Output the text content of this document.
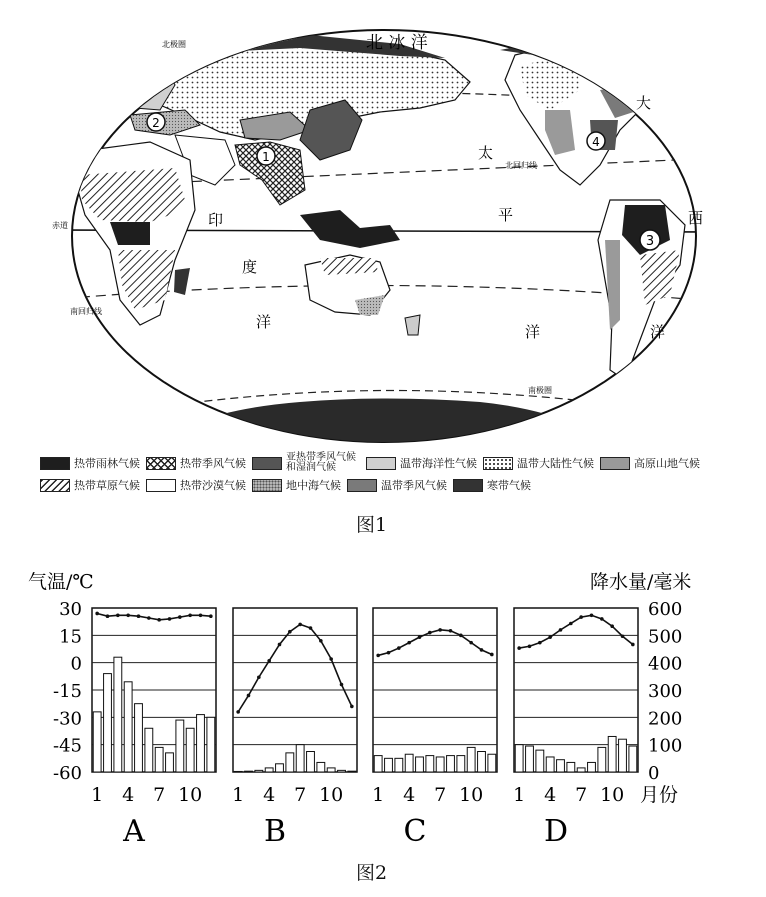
北 冰 洋
太
平
洋
大
西
洋
印
度
洋
北极圈
北回归线
赤道
南回归线
南极圈
1
2
3
4
热带雨林气候	热带季风气候	亚热带季风气候和湿润气候	温带海洋性气候	温带大陆性气候	高原山地气候
热带草原气候	热带沙漠气候	地中海气候	温带季风气候	寒带气候
图1
气温/℃	降水量/毫米
30
15
0
-15
-30
-45
-60
600
500
400
300
200
100
0
1 4 7 10
A
1 4 7 10
B
1 4 7 10
C
1 4 7 10
D
月份
图2
